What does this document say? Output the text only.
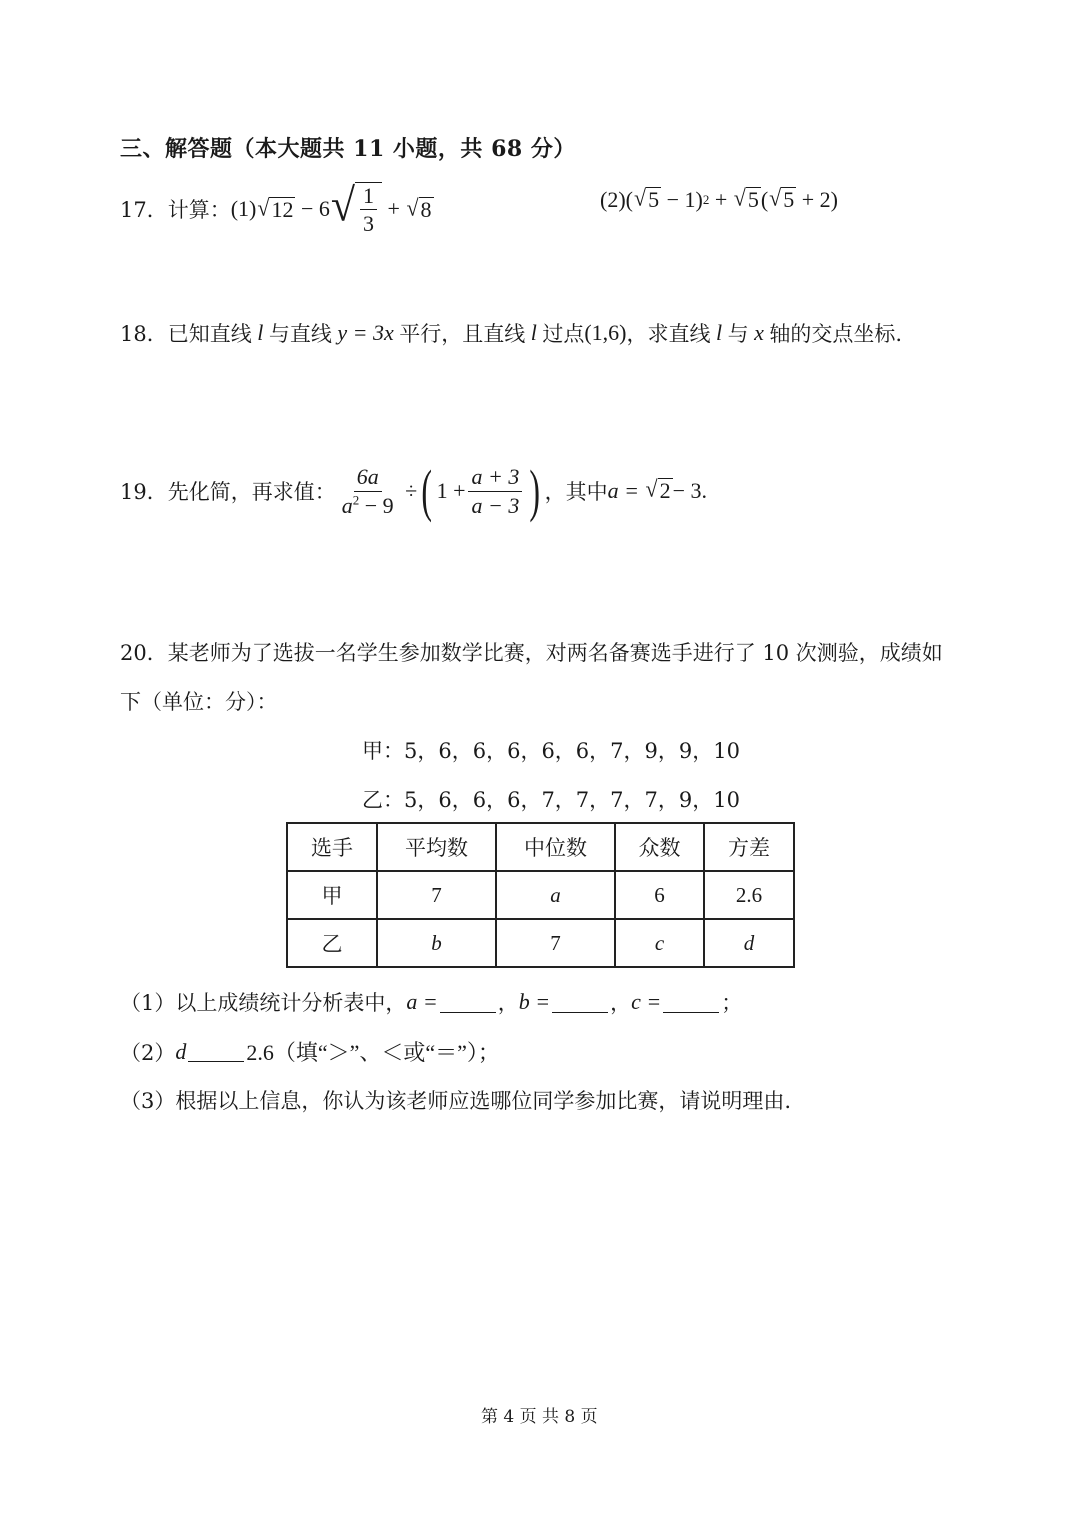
三、解答题（本大题共 11 小题，共 68 分）
17． 计算： (1) √ 12 − 6 √ $\frac{1}{3}$ + √ 8	(2) ( √ 5 − 1 ) 2 + √ 5 ( √ 5 + 2 )
18． 已知直线 l 与直线 y = 3x 平行，且直线 l 过点 (1,6) ，求直线 l 与 x 轴的交点坐标.
19． 先化简，再求值： $\frac{6a}{a^2 - 9}$
÷ ( $1 + \frac{a + 3}{a - 3}$ ) ，其中 a =
√ 2 − 3 .
20．某老师为了选拔一名学生参加数学比赛，对两名备赛选手进行了 10 次测验，成绩如
下（单位：分）：
甲：5，6，6，6，6，6，7，9，9，10
乙：5，6，6，6，7，7，7，7，9，10
选手	平均数	中位数	众数	方差
甲	7	a	6	2.6
乙	b	7	c	d
（1）以上成绩统计分析表中， a =	， b =	， c =	；
（2） d	2.6（填“＞”、＜或“＝”）；
（3）根据以上信息，你认为该老师应选哪位同学参加比赛，请说明理由.
第 4 页 共 8 页
